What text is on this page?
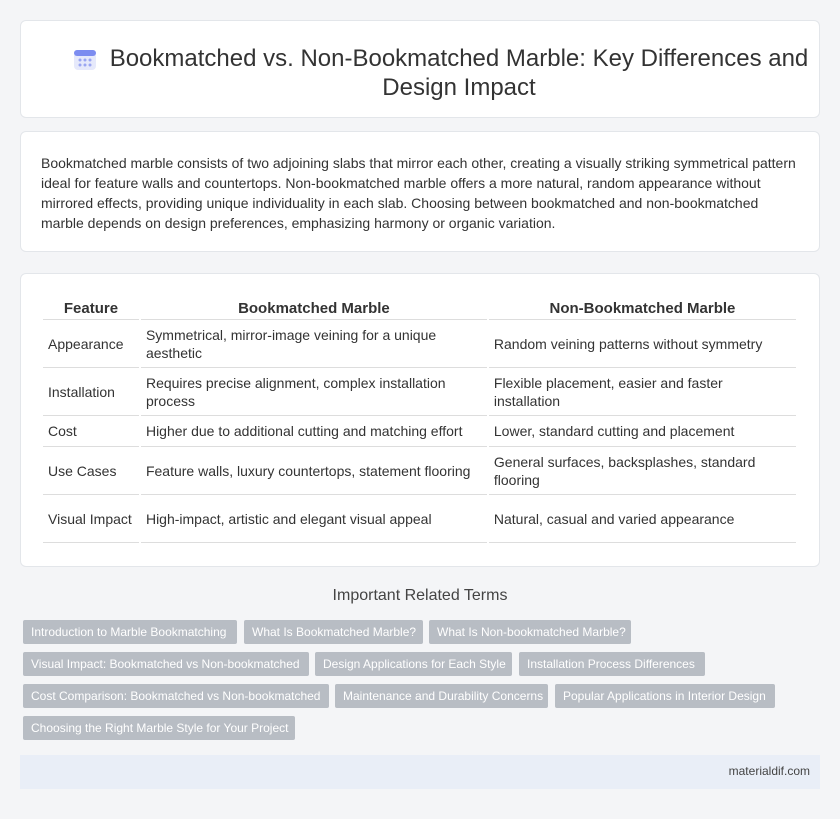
Bookmatched vs. Non-Bookmatched Marble: Key Differences and Design Impact

Bookmatched marble consists of two adjoining slabs that mirror each other, creating a visually striking symmetrical pattern ideal for feature walls and countertops. Non-bookmatched marble offers a more natural, random appearance without mirrored effects, providing unique individuality in each slab. Choosing between bookmatched and non-bookmatched marble depends on design preferences, emphasizing harmony or organic variation.

Feature	Bookmatched Marble	Non-Bookmatched Marble
Appearance	Symmetrical, mirror-image veining for a unique aesthetic	Random veining patterns without symmetry
Installation	Requires precise alignment, complex installation process	Flexible placement, easier and faster installation
Cost	Higher due to additional cutting and matching effort	Lower, standard cutting and placement
Use Cases	Feature walls, luxury countertops, statement flooring	General surfaces, backsplashes, standard flooring
Visual Impact	High-impact, artistic and elegant visual appeal	Natural, casual and varied appearance
Important Related Terms
Introduction to Marble Bookmatching	What Is Bookmatched Marble?	What Is Non-bookmatched Marble?
Visual Impact: Bookmatched vs Non-bookmatched	Design Applications for Each Style	Installation Process Differences
Cost Comparison: Bookmatched vs Non-bookmatched	Maintenance and Durability Concerns	Popular Applications in Interior Design
Choosing the Right Marble Style for Your Project
materialdif.com
